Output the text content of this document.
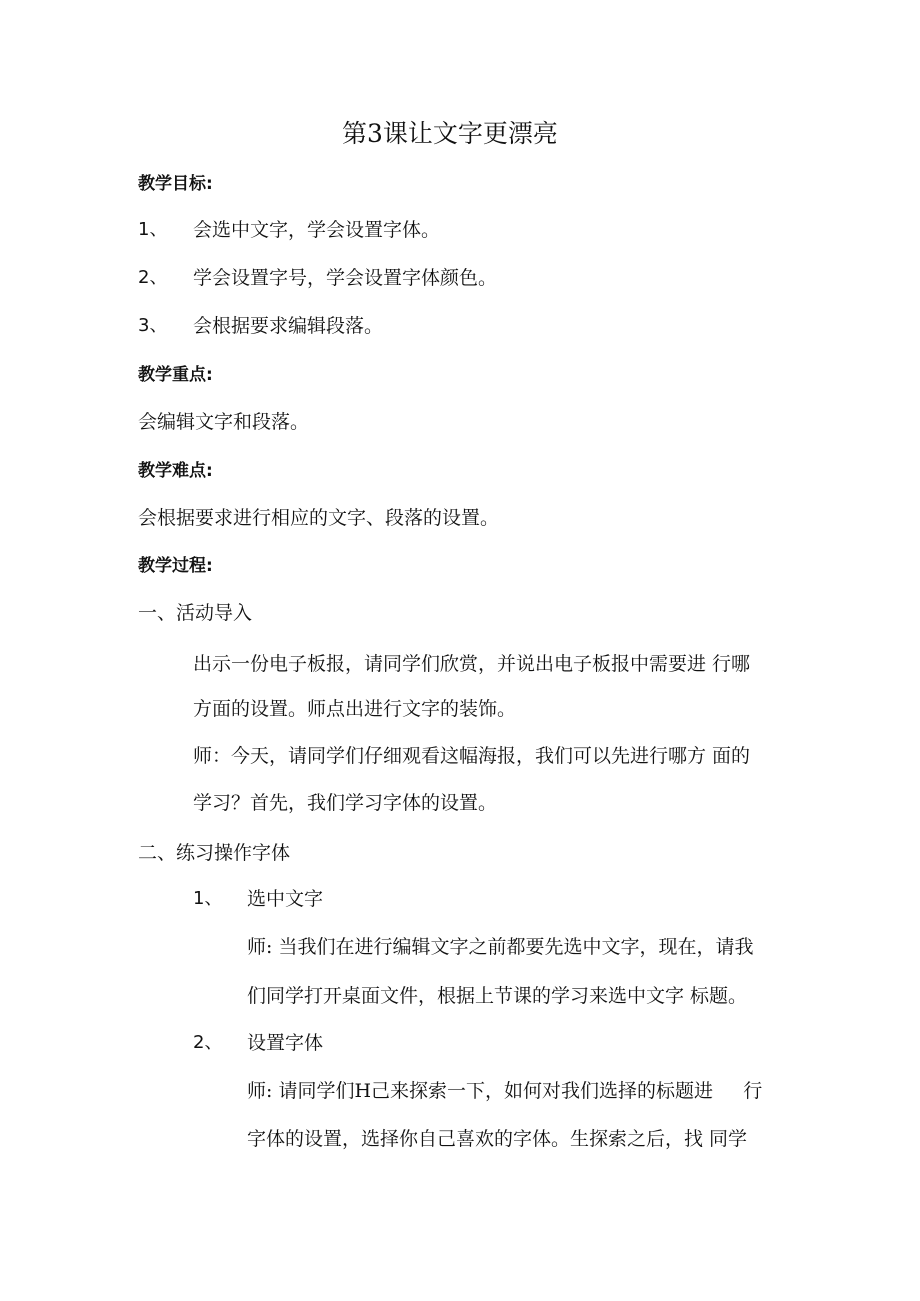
第3课让文字更漂亮
教学目标:
1、 会选中文字，学会设置字体。
2、 学会设置字号，学会设置字体颜色。
3、 会根据要求编辑段落。
教学重点:
会编辑文字和段落。
教学难点:
会根据要求进行相应的文字、段落的设置。
教学过程:
一、活动导入
出示一份电子板报，请同学们欣赏，并说出电子板报中需要进 行哪
方面的设置。师点出进行文字的装饰。
师：今天，请同学们仔细观看这幅海报，我们可以先进行哪方 面的
学习？首先，我们学习字体的设置。
二、练习操作字体
1、 选中文字
师: 当我们在进行编辑文字之前都要先选中文字，现在，请我
们同学打开桌面文件，根据上节课的学习来选中文字 标题。
2、 设置字体
师: 请同学们H己来探索一下，如何对我们选择的标题进     行
字体的设置，选择你自己喜欢的字体。生探索之后，找 同学
